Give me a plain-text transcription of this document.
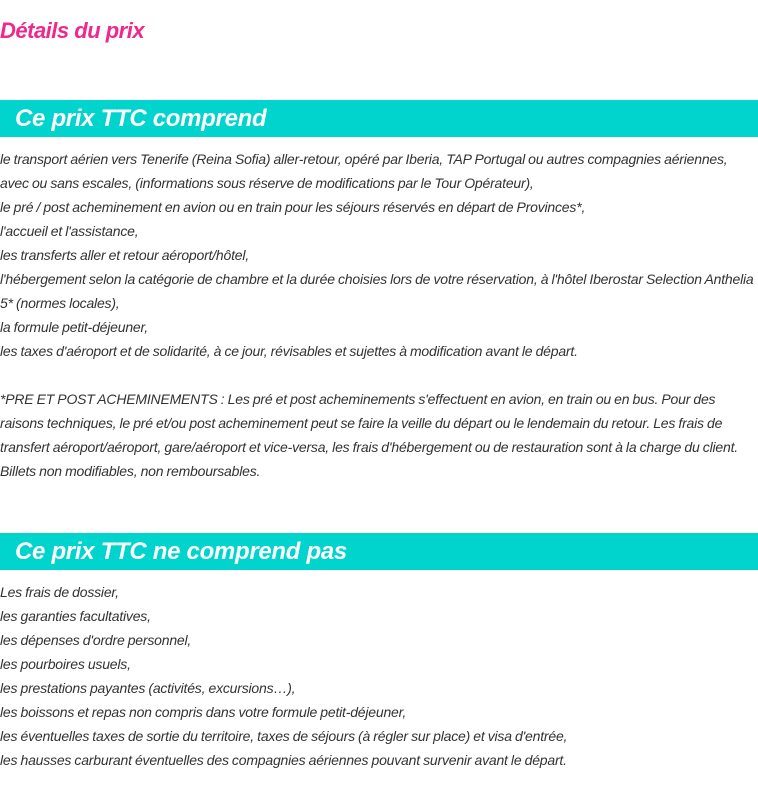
Détails du prix
Ce prix TTC comprend
le transport aérien vers Tenerife (Reina Sofia) aller-retour, opéré par Iberia, TAP Portugal ou autres compagnies aériennes, avec ou sans escales, (informations sous réserve de modifications par le Tour Opérateur),
le pré / post acheminement en avion ou en train pour les séjours réservés en départ de Provinces*,
l'accueil et l'assistance,
les transferts aller et retour aéroport/hôtel,
l'hébergement selon la catégorie de chambre et la durée choisies lors de votre réservation, à l'hôtel Iberostar Selection Anthelia 5* (normes locales),
la formule petit-déjeuner,
les taxes d'aéroport et de solidarité, à ce jour, révisables et sujettes à modification avant le départ.
*PRE ET POST ACHEMINEMENTS : Les pré et post acheminements s'effectuent en avion, en train ou en bus. Pour des raisons techniques, le pré et/ou post acheminement peut se faire la veille du départ ou le lendemain du retour. Les frais de transfert aéroport/aéroport, gare/aéroport et vice-versa, les frais d'hébergement ou de restauration sont à la charge du client. Billets non modifiables, non remboursables.
Ce prix TTC ne comprend pas
Les frais de dossier,
les garanties facultatives,
les dépenses d'ordre personnel,
les pourboires usuels,
les prestations payantes (activités, excursions…),
les boissons et repas non compris dans votre formule petit-déjeuner,
les éventuelles taxes de sortie du territoire, taxes de séjours (à régler sur place) et visa d'entrée,
les hausses carburant éventuelles des compagnies aériennes pouvant survenir avant le départ.
